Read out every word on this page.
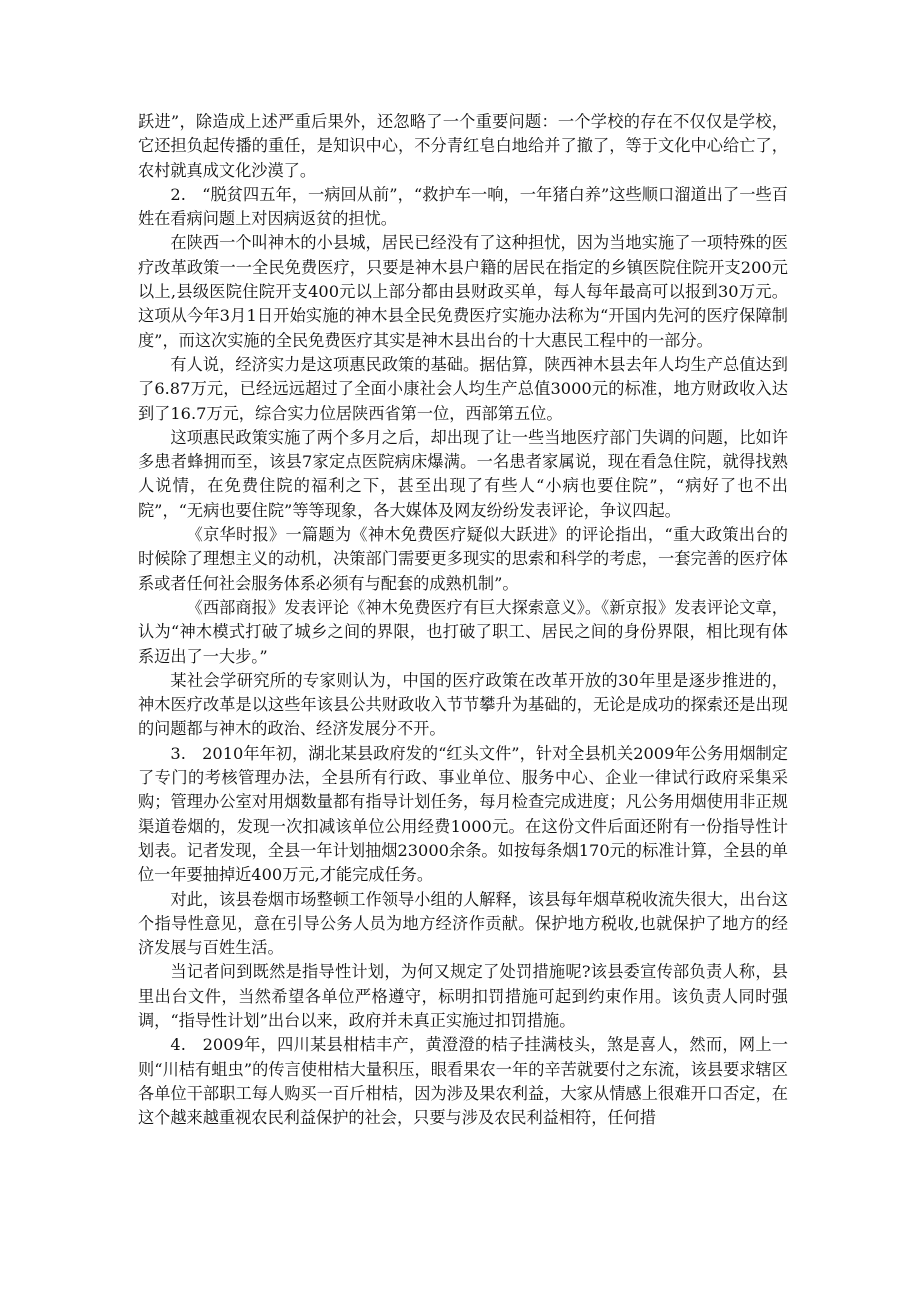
跃进”，除造成上述严重后果外，还忽略了一个重要问题：一个学校的存在不仅仅是学校，它还担负起传播的重任，是知识中心，不分青红皂白地给并了撤了，等于文化中心给亡了，农村就真成文化沙漠了。

2.　“脱贫四五年，一病回从前”，“救护车一响，一年猪白养”这些顺口溜道出了一些百姓在看病问题上对因病返贫的担忧。

在陕西一个叫神木的小县城，居民已经没有了这种担忧，因为当地实施了一项特殊的医疗改革政策一一全民免费医疗，只要是神木县户籍的居民在指定的乡镇医院住院开支200元以上,县级医院住院开支400元以上部分都由县财政买单，每人每年最高可以报到30万元。这项从今年3月1日开始实施的神木县全民免费医疗实施办法称为“开国内先河的医疗保障制度”，而这次实施的全民免费医疗其实是神木县出台的十大惠民工程中的一部分。

有人说，经济实力是这项惠民政策的基础。据估算，陕西神木县去年人均生产总值达到了6.87万元，已经远远超过了全面小康社会人均生产总值3000元的标准，地方财政收入达到了16.7万元，综合实力位居陕西省第一位，西部第五位。

这项惠民政策实施了两个多月之后，却出现了让一些当地医疗部门失调的问题，比如许多患者蜂拥而至，该县7家定点医院病床爆满。一名患者家属说，现在看急住院，就得找熟人说情，在免费住院的福利之下，甚至出现了有些人“小病也要住院”，“病好了也不出院”，“无病也要住院”等等现象，各大媒体及网友纷纷发表评论，争议四起。

《京华时报》一篇题为《神木免费医疗疑似大跃进》的评论指出，“重大政策出台的时候除了理想主义的动机，决策部门需要更多现实的思索和科学的考虑，一套完善的医疗体系或者任何社会服务体系必须有与配套的成熟机制”。

《西部商报》发表评论《神木免费医疗有巨大探索意义》。《新京报》发表评论文章，认为“神木模式打破了城乡之间的界限，也打破了职工、居民之间的身份界限，相比现有体系迈出了一大步。”

某社会学研究所的专家则认为，中国的医疗政策在改革开放的30年里是逐步推进的，神木医疗改革是以这些年该县公共财政收入节节攀升为基础的，无论是成功的探索还是出现的问题都与神木的政治、经济发展分不开。

3.　2010年年初，湖北某县政府发的“红头文件”，针对全县机关2009年公务用烟制定了专门的考核管理办法，全县所有行政、事业单位、服务中心、企业一律试行政府采集采购；管理办公室对用烟数量都有指导计划任务，每月检查完成进度；凡公务用烟使用非正规渠道卷烟的，发现一次扣减该单位公用经费1000元。在这份文件后面还附有一份指导性计划表。记者发现，全县一年计划抽烟23000余条。如按每条烟170元的标准计算，全县的单位一年要抽掉近400万元,才能完成任务。

对此，该县卷烟市场整顿工作领导小组的人解释，该县每年烟草税收流失很大，出台这个指导性意见，意在引导公务人员为地方经济作贡献。保护地方税收,也就保护了地方的经济发展与百姓生活。

当记者问到既然是指导性计划，为何又规定了处罚措施呢?该县委宣传部负责人称，县里出台文件，当然希望各单位严格遵守，标明扣罚措施可起到约束作用。该负责人同时强调，“指导性计划”出台以来，政府并未真正实施过扣罚措施。

4.　2009年，四川某县柑桔丰产，黄澄澄的桔子挂满枝头，煞是喜人，然而，网上一则“川桔有蛆虫”的传言使柑桔大量积压，眼看果农一年的辛苦就要付之东流，该县要求辖区各单位干部职工每人购买一百斤柑桔，因为涉及果农利益，大家从情感上很难开口否定，在这个越来越重视农民利益保护的社会，只要与涉及农民利益相符，任何措
